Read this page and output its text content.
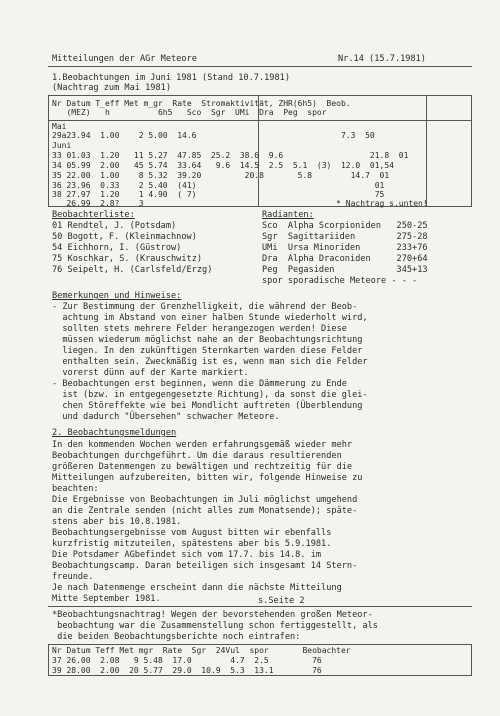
Mitteilungen der AGr Meteore	Nr.14 (15.7.1981)
1.Beobachtungen im Juni 1981 (Stand 10.7.1981)
(Nachtrag zum Mai 1981)
Nr Datum T_eff Met m_gr  Rate  Stromaktivität, ZHR(6h5)  Beob.
(MEZ)   h          6h5   Sco  Sgr  UMi  Dra  Peg  spor
Mai
29a23.94  1.00    2 5.00  14.6                              7.3  50
Juni
33 01.03  1.20   11 5.27  47.85  25.2  38.6  9.6                  21.8  01
34 05.99  2.00   45 5.74  33.64   9.6  14.5  2.5  5.1  (3)  12.0  01,54
35 22.00  1.00    8 5.32  39.20         20.8       5.8        14.7  01
36 23.96  0.33    2 5.40  (41)                                     01
38 27.97  1.20    1 4.90  ( 7)                                     75
26.99  2.8?    3                                        * Nachtrag s.unten!
Beobachterliste:	Radianten:
01 Rendtel, J. (Potsdam)
50 Bogott, F. (Kleinmachnow)
54 Eichhorn, I. (Güstrow)
75 Koschkar, S. (Krauschwitz)
76 Seipelt, H. (Carlsfeld/Erzg)
Sco  Alpha Scorpioniden   250-25
Sgr  Sagittariiden        275-28
UMi  Ursa Minoriden       233+76
Dra  Alpha Draconiden     270+64
Peg  Pegasiden            345+13
spor sporadische Meteore - - -
Bemerkungen und Hinweise:
- Zur Bestimmung der Grenzhelligkeit, die während der Beob-
achtung im Abstand von einer halben Stunde wiederholt wird,
sollten stets mehrere Felder herangezogen werden! Diese
müssen wiederum möglichst nahe an der Beobachtungsrichtung
liegen. In den zukünftigen Sternkarten warden diese Felder
enthalten sein. Zweckmäßig ist es, wenn man sich die Felder
vorerst dünn auf der Karte markiert.
- Beobachtungen erst beginnen, wenn die Dämmerung zu Ende
ist (bzw. in entgegengesetzte Richtung), da sonst die glei-
chen Störeffekte wie bei Mondlicht auftreten (Überblendung
und dadurch "Übersehen" schwacher Meteore.
2. Beobachtungsmeldungen
In den kommenden Wochen werden erfahrungsgemäß wieder mehr
Beobachtungen durchgeführt. Um die daraus resultierenden
größeren Datenmengen zu bewältigen und rechtzeitig für die
Mitteilungen aufzubereiten, bitten wir, folgende Hinweise zu
beachten:
Die Ergebnisse von Beobachtungen im Juli möglichst umgehend
an die Zentrale senden (nicht alles zum Monatsende); späte-
stens aber bis 10.8.1981.
Beobachtungsergebnisse vom August bitten wir ebenfalls
kurzfristig mitzuteilen, spätestens aber bis 5.9.1981.
Die Potsdamer AGbefindet sich vom 17.7. bis 14.8. im
Beobachtungscamp. Daran beteiligen sich insgesamt 14 Stern-
freunde.
Je nach Datenmenge erscheint dann die nächste Mitteilung
Mitte September 1981.	s.Seite 2
*Beobachtungsnachtrag! Wegen der bevorstehenden großen Meteor-
beobachtung war die Zusammenstellung schon fertiggestellt, als
die beiden Beobachtungsberichte noch eintrafen:
Nr Datum Teff Met mgr  Rate  Sgr  24Vul  spor       Beobachter
37 26.00  2.08   9 5.48  17.0        4.7  2.5         76
39 28.00  2.00  20 5.77  29.0  10.9  5.3  13.1        76
